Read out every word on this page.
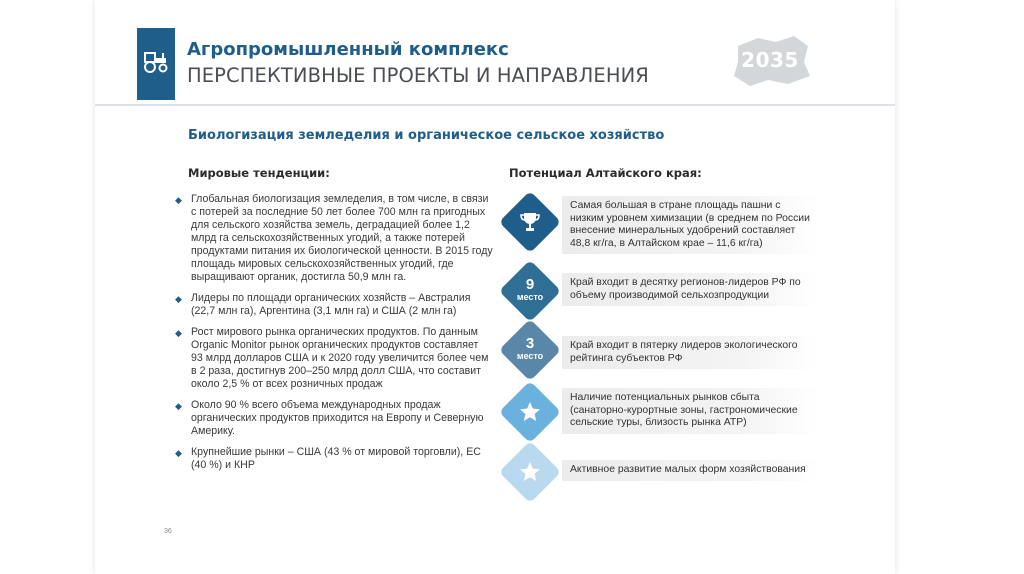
Агропромышленный комплекс
ПЕРСПЕКТИВНЫЕ ПРОЕКТЫ И НАПРАВЛЕНИЯ
2035
Биологизация земледелия и органическое сельское хозяйство
Мировые тенденции:	Потенциал Алтайского края:
◆ Глобальная биологизация земледелия, в том числе, в связи с потерей за последние 50 лет более 700 млн га пригодных для сельского хозяйства земель, деградацией более 1,2 млрд га сельскохозяйственных угодий, а также потерей продуктами питания их биологической ценности. В 2015 году площадь мировых сельскохозяйственных угодий, где выращивают органик, достигла 50,9 млн га.
◆ Лидеры по площади органических хозяйств – Австралия (22,7 млн га), Аргентина (3,1 млн га) и США (2 млн га)
◆ Рост мирового рынка органических продуктов. По данным Organic Monitor рынок органических продуктов составляет 93 млрд долларов США и к 2020 году увеличится более чем в 2 раза, достигнув 200–250 млрд долл США, что составит около 2,5 % от всех розничных продаж
◆ Около 90 % всего объема международных продаж органических продуктов приходится на Европу и Северную Америку.
◆ Крупнейшие рынки – США (43 % от мировой торговли), ЕС (40 %) и КНР
Самая большая в стране площадь пашни с низким уровнем химизации (в среднем по России внесение минеральных удобрений составляет 48,8 кг/га, в Алтайском крае – 11,6 кг/га)
9
место
Край входит в десятку регионов-лидеров РФ по объему производимой сельхозпродукции
3
место
Край входит в пятерку лидеров экологического рейтинга субъектов РФ
Наличие потенциальных рынков сбыта (санаторно-курортные зоны, гастрономические сельские туры, близость рынка АТР)
Активное развитие малых форм хозяйствования
36
